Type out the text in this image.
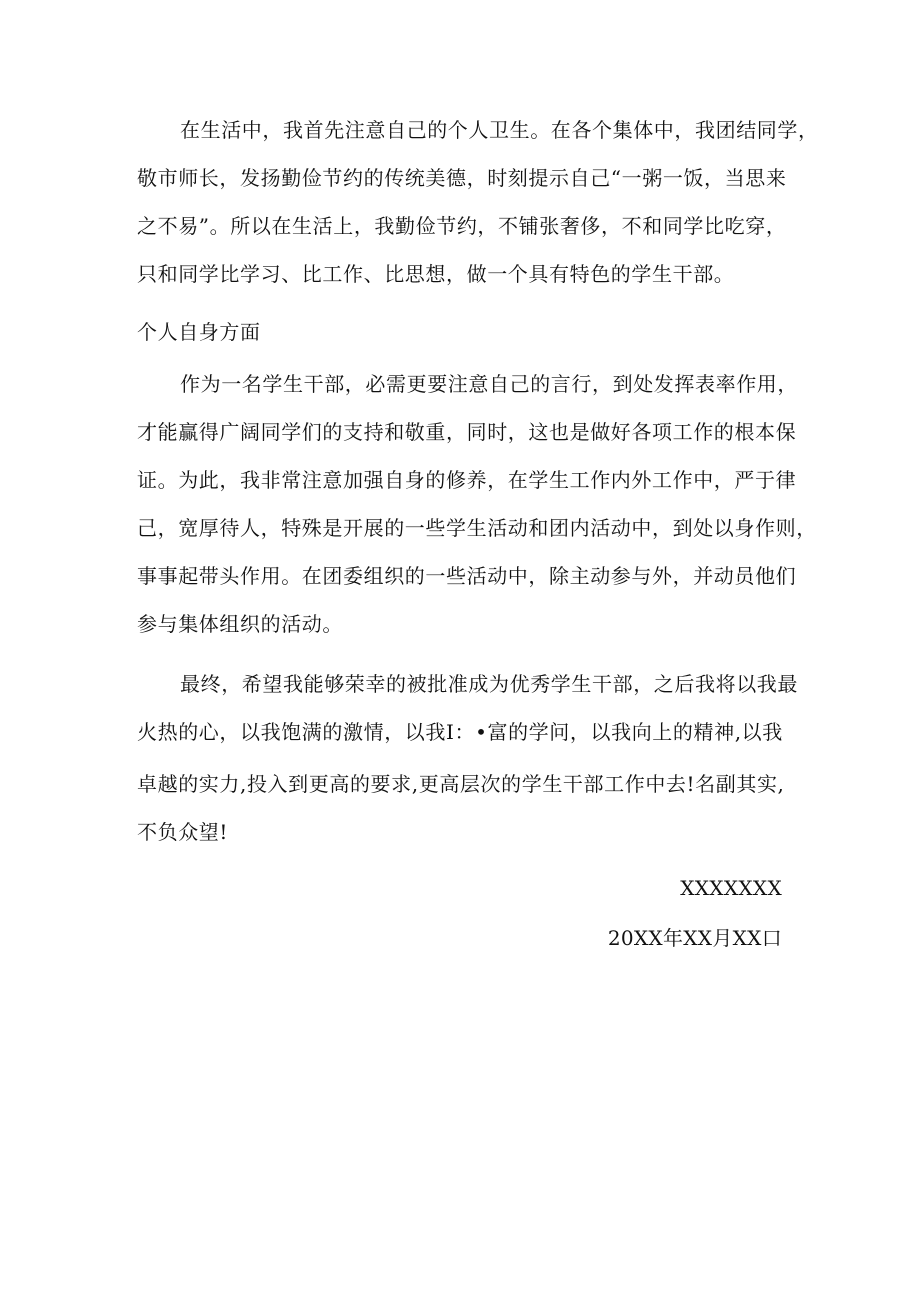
在生活中，我首先注意自己的个人卫生。在各个集体中，我团结同学，
敬市师长，发扬勤俭节约的传统美德，时刻提示自己“一粥一饭，当思来
之不易”。所以在生活上，我勤俭节约，不铺张奢侈，不和同学比吃穿，
只和同学比学习、比工作、比思想，做一个具有特色的学生干部。
个人自身方面
作为一名学生干部，必需更要注意自己的言行，到处发挥表率作用，
才能赢得广阔同学们的支持和敬重，同时，这也是做好各项工作的根本保
证。为此，我非常注意加强自身的修养，在学生工作内外工作中，严于律
己，宽厚待人，特殊是开展的一些学生活动和团内活动中，到处以身作则，
事事起带头作用。在团委组织的一些活动中，除主动参与外，并动员他们
参与集体组织的活动。
最终，希望我能够荣幸的被批准成为优秀学生干部，之后我将以我最
火热的心，以我饱满的激情，以我I：•富的学问，以我向上的精神,以我
卓越的实力,投入到更高的要求,更高层次的学生干部工作中去!名副其实,
不负众望!
XXXXXXX
20XX年XX月XX口
